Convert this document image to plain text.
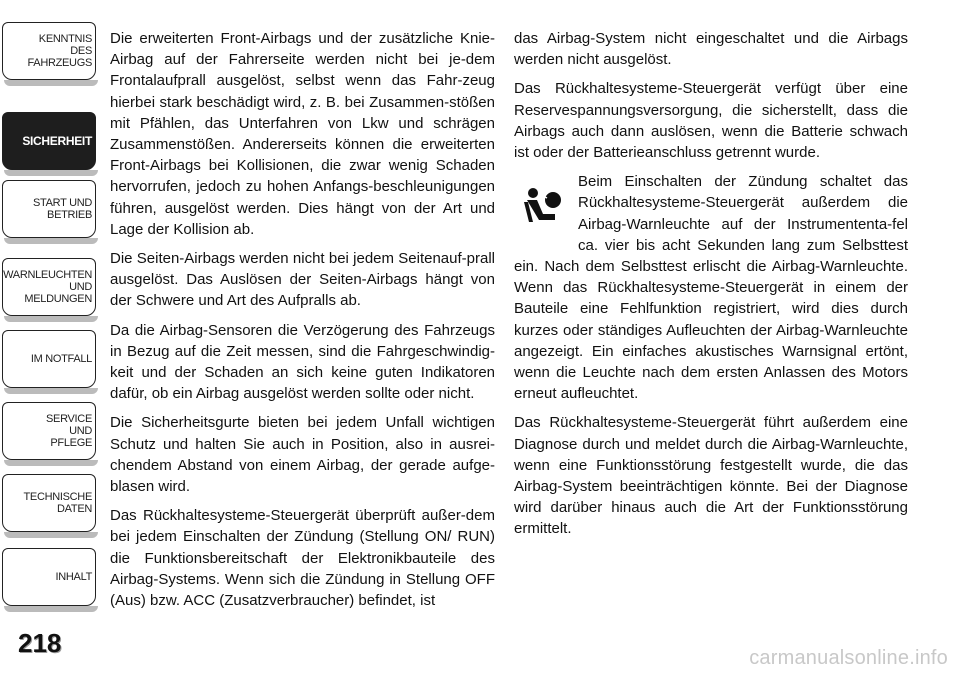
KENNTNIS
DES
FAHRZEUGS
SICHERHEIT
START UND
BETRIEB
WARNLEUCHTEN
UND
MELDUNGEN
IM NOTFALL
SERVICE
UND
PFLEGE
TECHNISCHE
DATEN
INHALT
218

Die erweiterten Front-Airbags und der zusätzliche Knie-Airbag auf der Fahrerseite werden nicht bei je-dem Frontalaufprall ausgelöst, selbst wenn das Fahr-zeug hierbei stark beschädigt wird, z. B. bei Zusammen-stößen mit Pfählen, das Unterfahren von Lkw und schrägen Zusammenstößen. Andererseits können die erweiterten Front-Airbags bei Kollisionen, die zwar wenig Schaden hervorrufen, jedoch zu hohen Anfangs-beschleunigungen führen, ausgelöst werden. Dies hängt von der Art und Lage der Kollision ab.

Die Seiten-Airbags werden nicht bei jedem Seitenauf-prall ausgelöst. Das Auslösen der Seiten-Airbags hängt von der Schwere und Art des Aufpralls ab.

Da die Airbag-Sensoren die Verzögerung des Fahrzeugs in Bezug auf die Zeit messen, sind die Fahrgeschwindig-keit und der Schaden an sich keine guten Indikatoren dafür, ob ein Airbag ausgelöst werden sollte oder nicht.

Die Sicherheitsgurte bieten bei jedem Unfall wichtigen Schutz und halten Sie auch in Position, also in ausrei-chendem Abstand von einem Airbag, der gerade aufge-blasen wird.

Das Rückhaltesysteme-Steuergerät überprüft außer-dem bei jedem Einschalten der Zündung (Stellung ON/ RUN) die Funktionsbereitschaft der Elektronikbauteile des Airbag-Systems. Wenn sich die Zündung in Stellung OFF (Aus) bzw. ACC (Zusatzverbraucher) befindet, ist

das Airbag-System nicht eingeschaltet und die Airbags werden nicht ausgelöst.

Das Rückhaltesysteme-Steuergerät verfügt über eine Reservespannungsversorgung, die sicherstellt, dass die Airbags auch dann auslösen, wenn die Batterie schwach ist oder der Batterieanschluss getrennt wurde.

Beim Einschalten der Zündung schaltet das Rückhaltesysteme-Steuergerät außerdem die Airbag-Warnleuchte auf der Instrumententa-fel ca. vier bis acht Sekunden lang zum Selbsttest ein. Nach dem Selbsttest erlischt die Airbag-Warnleuchte. Wenn das Rückhaltesysteme-Steuergerät in einem der Bauteile eine Fehlfunktion registriert, wird dies durch kurzes oder ständiges Aufleuchten der Airbag-Warnleuchte angezeigt. Ein einfaches akustisches Warnsignal ertönt, wenn die Leuchte nach dem ersten Anlassen des Motors erneut aufleuchtet.

Das Rückhaltesysteme-Steuergerät führt außerdem eine Diagnose durch und meldet durch die Airbag-Warnleuchte, wenn eine Funktionsstörung festgestellt wurde, die das Airbag-System beeinträchtigen könnte. Bei der Diagnose wird darüber hinaus auch die Art der Funktionsstörung ermittelt.

carmanualsonline.info
